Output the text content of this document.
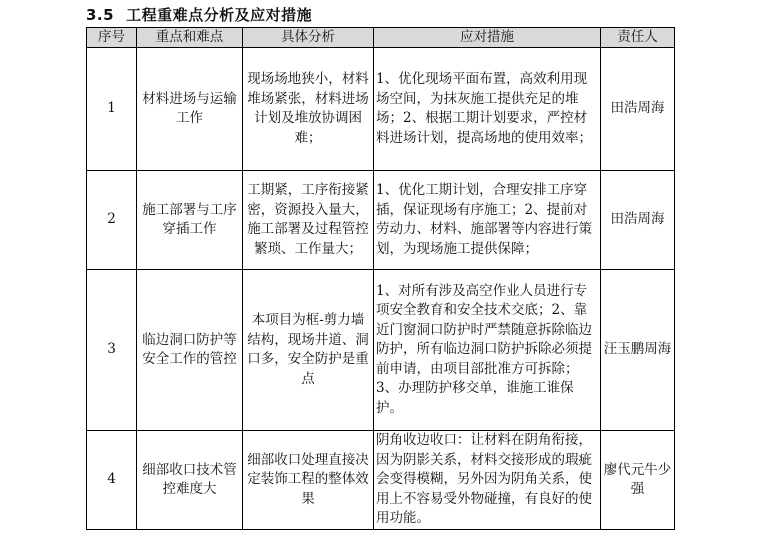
3.5 工程重难点分析及应对措施
序号	重点和难点	具体分析	应对措施	责任人
1	材料进场与运输工作	现场场地狭小，材料堆场紧张，材料进场计划及堆放协调困难；	1、优化现场平面布置，高效利用现场空间，为抹灰施工提供充足的堆场；2、根据工期计划要求，严控材料进场计划，提高场地的使用效率；	田浩周海
2	施工部署与工序穿插工作	工期紧，工序衔接紧密，资源投入量大，施工部署及过程管控繁琐、工作量大；	1、优化工期计划，合理安排工序穿插，保证现场有序施工；2、提前对劳动力、材料、施部署等内容进行策划，为现场施工提供保障；	田浩周海
3	临边洞口防护等安全工作的管控	本项目为框-剪力墙结构，现场井道、洞口多，安全防护是重点	1、对所有涉及高空作业人员进行专项安全教育和安全技术交底；2、靠近门窗洞口防护时严禁随意拆除临边防护，所有临边洞口防护拆除必须提前申请，由项目部批准方可拆除；3、办理防护移交单，谁施工谁保护。	汪玉鹏周海
4	细部收口技术管控难度大	细部收口处理直接决定装饰工程的整体效果	阴角收边收口：让材料在阴角衔接，因为阴影关系，材料交接形成的瑕疵会变得模糊，另外因为阴角关系，使用上不容易受外物碰撞，有良好的使用功能。	廖代元牛少强
